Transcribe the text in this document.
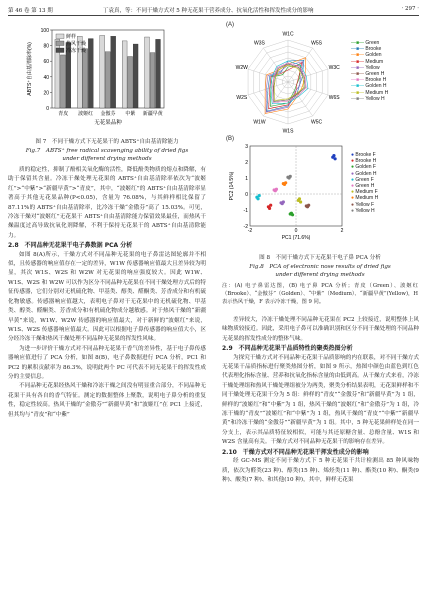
第 46 卷 第 13 期	丁袁真，等：不同干燥方式对 5 种无花果干营养成分、抗氧化活性和挥发性成分的影响	· 297 ·
0
20
40
60
80
100
青皮 波姬红 金傲芬 中紫 新疆早黄
无花果品种
ABTS⁺自由基清除率(%)
鲜样
热风干燥
冷冻干燥
图 7　不同干燥方式下无花果干的 ABTS⁺自由基清除能力
Fig.7　ABTS⁺ free radical scavenging ability of dried figs
under different drying methods
(A)
W1C
W5S
W3C
W6S
W5C
W1S
W1W
W2S
W2W
W3S	—■— Green
—■— Brooke
—■— Golden
—■— Medium
—■— Yellow
—■— Green H
—■— Brooke H
—■— Golden H
—■— Medium H
—■— Yellow H
(B)
-2
-1
0
1
2
3
-2	0	2
PC1 (71.6%)
PC2 (14.5%)
● Brooke F
● Brooke H
● Golden F
● Golden H
● Green F
● Green H
● Medium F
● Medium H
● Yellow F
● Yellow H
图 8　不同干燥方式下无花果干电子鼻 PCA 分析
Fig.8　PCA of electronic nose results of dried figs
under different drying methods
注：(A) 电子鼻雷达图，(B) 电子鼻 PCA 分析；青皮（Green）、波姬红（Brooke）、“金傲芬”（Golden）、“中紫”（Medium）、“新疆早黄”(Yellow)，H 表示热风干燥，F 表示冷冻干燥，图 9 同。

质的稳定性，抑制了酚相关氧化酶的活性，降低酚类物质的熔点和降解，有助于保留其含量。冷冻干燥处理无花果的 ABTS⁺自由基清除率依次为“波姬红”>“中紫”>“新疆早黄”>“青皮”，其中，“波姬红”的 ABTS⁺自由基清除率显著高于其他无花果品种(P<0.05)，含量为 76.08%，与其鲜样相比保留了 87.11%的 ABTS⁺自由基清除率，比冷冻干燥“金傲芬”高了 15.03%。可见，冷冻干燥对“波姬红”无花果干 ABTS⁺自由基清除能力保留效果最佳，而热风干燥温度过高导致抗氧化剂降解，不利于保持无花果干的 ABTS⁺自由基清除能力。

2.8　不同品种无花果干电子鼻数据 PCA 分析

如图 8(A)所示，干燥方式对不同品种无花果的电子鼻雷达图轮廓并不相似，且传感器的响应值存在一定的差异，W1W 传感器响应值最大且差异较为明显，其次 W1S、W2S 和 W2W 对无花果的响应强度较大。因此 W1W、W1S、W2S 和 W2W 可以作为区分不同品种无花果在不同干燥处理方式后的特征传感器，它们分别对无机硫化物、甲基类、醇类、醛酮类、芳香成分和有机硫化物敏感。传感器响应值越大，表明电子鼻对干无花果中的无机硫化物、甲基类、醇类、醛酮类、芳香成分和有机硫化物成分越敏感。对于热风干燥的“新疆早黄”来说，W1W、W2W 传感器的响应值最大，对于新鲜的“波姬红”来说，W1S、W2S 传感器响应值最大。因此可以根据电子鼻传感器的响应值大小，区分经冷冻干燥和热风干燥处理不同品种无花果的挥发性风味。

为进一步评价干燥方式对不同品种无花果干香气的差异性，基于电子鼻传感器响应值进行了 PCA 分析，如图 8(B)，电子鼻数据进行 PCA 分析，PC1 和 PC2 的累积贡献率为 86.3%，说明此两个 PC 可代表不同无花果干的挥发性成分的主要信息。

不同品种无花果经热风干燥和冷冻干燥之间没有明显重合部分，不同品种无花果干具有各自的香气特征。测定的数据整体上聚散，说明电子鼻分析的重复性，稳定性较高。热风干燥的“金傲芬”“新疆早黄”和“波姬红”在 PC1 上接近，但其均与“青皮”和“中紫”

差异较大，冷冻干燥处理不同品种无花果在 PC2 上较接近，说明整体上风味物质较接近。因此，采用电子鼻可以准确识别和区分不同干燥处理的不同品种无花果的挥发性成分的整体气味。

2.9　不同品种无花果干品质特性的聚类热图分析

为探究干燥方式对不同品种无花果干品质影响的内在联系，对不同干燥方式无花果干品质指标进行聚类热图分析，如图 9 所示，热图中颜色由蓝色到红色代表理化指标含量、营养和抗氧化指标含量的由低到高。从干燥方式来看，冷冻干燥处理组和热风干燥处理组被分为两类，聚类分析结果表明，无花果鲜样和不同干燥处理无花果干分为 5 组：鲜样的“青皮”“金傲芬”和“新疆早黄”为 1 组，鲜样的“波姬红”和“中紫”为 1 组，热风干燥的“波姬红”和“金傲芬”为 1 组，冷冻干燥的“青皮”“波姬红”和“中紫”为 1 组，热风干燥的“青皮”“中紫”“新疆早黄”和冷冻干燥的“金傲芬”“新疆早黄”为 1 组。其中，5 种无花果鲜样处在同一分支上，表示其品质特征较相似，可能与其还原糖含量、总酚含量、W1S 和 W2S 含量高有关。干燥方式对不同品种无花果干的影响存在差异。

2.10　干燥方式对不同品种无花果干挥发性成分的影响

经 GC-MS 测定不同干燥方式下 5 种无花果干共计检测出 85 种风味物质，依次为醛类(23 种)、醇类(15 种)、烯烃类(11 种)、酯类(10 种)、酮类(9 种)、酸类(7 种)、和其他(10 种)，其中，鲜样无花果
